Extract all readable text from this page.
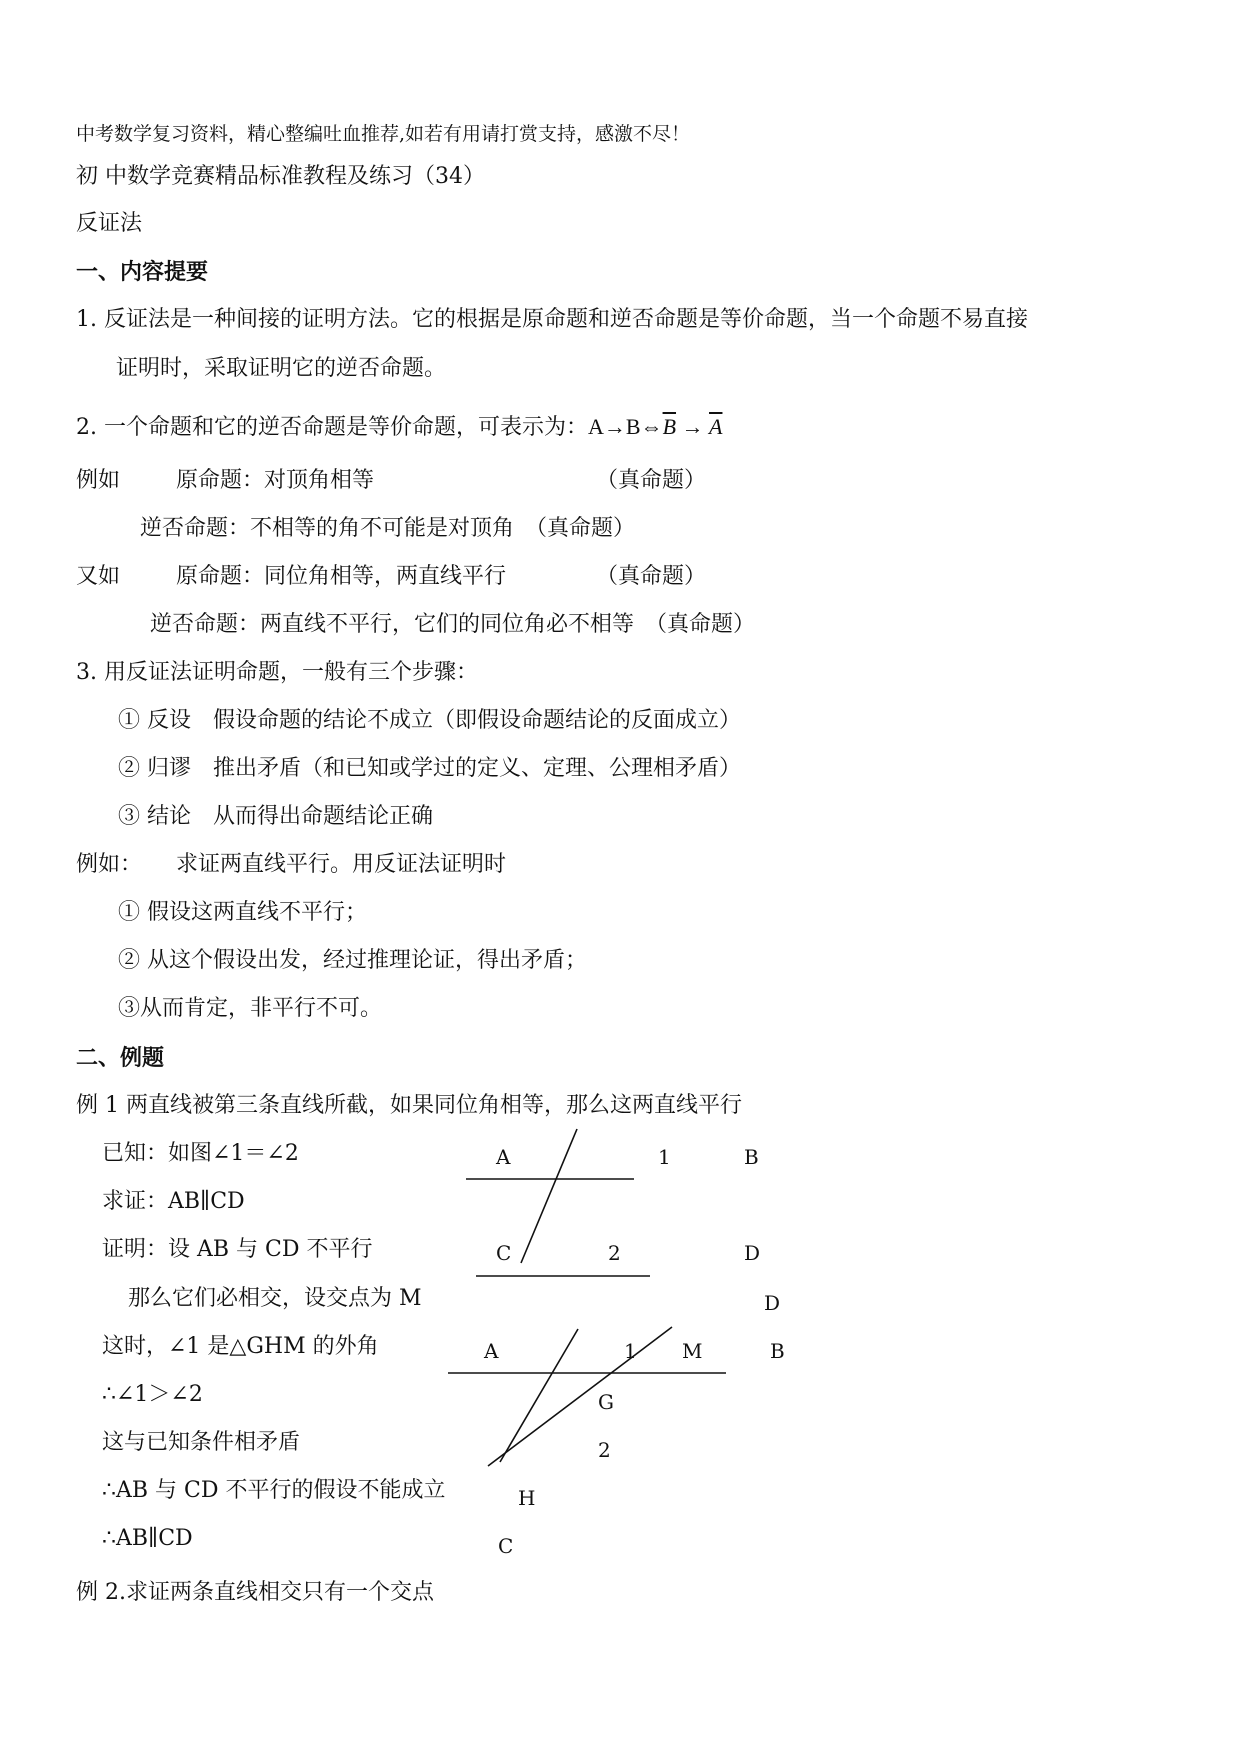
中考数学复习资料，精心整编吐血推荐,如若有用请打赏支持，感激不尽！
初 中数学竞赛精品标准教程及练习（34）
反证法
一、内容提要
1. 反证法是一种间接的证明方法。它的根据是原命题和逆否命题是等价命题，当一个命题不易直接
证明时，采取证明它的逆否命题。
2. 一个命题和它的逆否命题是等价命题，可表示为：$A\to B\Leftrightarrow\overline{B} \to \overline{A}$
例如	原命题：对顶角相等	（真命题）
逆否命题：不相等的角不可能是对顶角　（真命题）
又如	原命题：同位角相等，两直线平行	（真命题）
逆否命题：两直线不平行，它们的同位角必不相等　（真命题）
3. 用反证法证明命题，一般有三个步骤：
① 反设　假设命题的结论不成立（即假设命题结论的反面成立）
② 归谬　推出矛盾（和已知或学过的定义、定理、公理相矛盾）
③ 结论　从而得出命题结论正确
例如： 求证两直线平行。用反证法证明时
① 假设这两直线不平行；
② 从这个假设出发，经过推理论证，得出矛盾；
③从而肯定，非平行不可。
二、例题
例 1 两直线被第三条直线所截，如果同位角相等，那么这两直线平行
已知：如图∠1＝∠2
求证：AB∥CD
证明：设 AB 与 CD 不平行
那么它们必相交，设交点为 M
这时，∠1 是△GHM 的外角
∴∠1＞∠2
这与已知条件相矛盾
∴AB 与 CD 不平行的假设不能成立
∴AB∥CD
A	1	B
C	2	D
D
A	1 M	B
G
2
H
C
例 2.求证两条直线相交只有一个交点
